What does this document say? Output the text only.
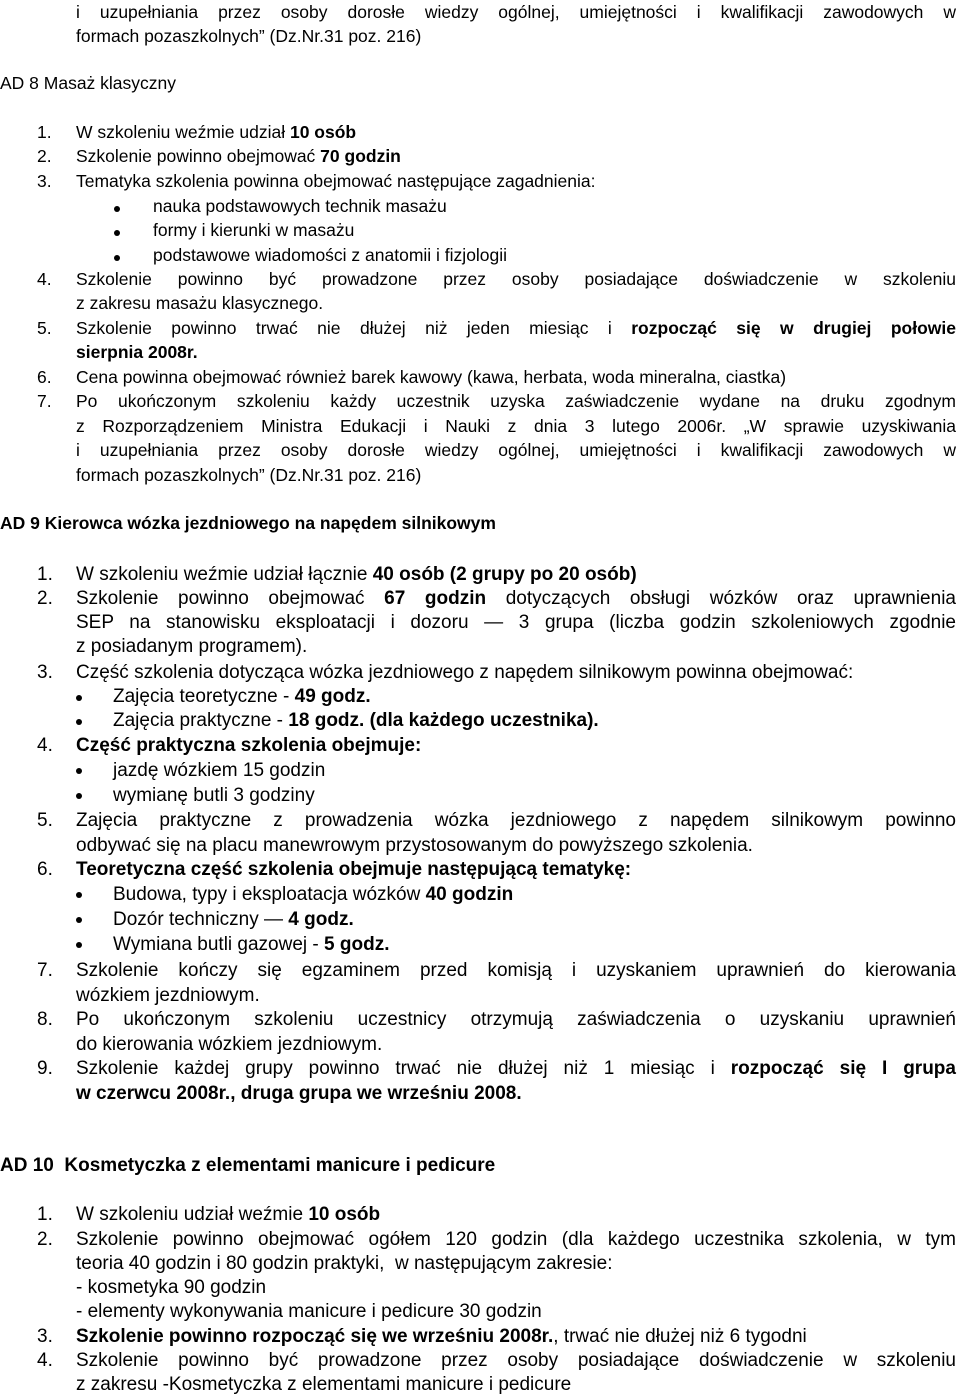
i uzupełniania przez osoby dorosłe wiedzy ogólnej, umiejętności i kwalifikacji zawodowych w
formach pozaszkolnych” (Dz.Nr.31 poz. 216)
AD 8 Masaż klasyczny
1. W szkoleniu weźmie udział 10 osób
2. Szkolenie powinno obejmować 70 godzin
3. Tematyka szkolenia powinna obejmować następujące zagadnienia:
nauka podstawowych technik masażu
formy i kierunki w masażu
podstawowe wiadomości z anatomii i fizjologii
4. Szkolenie powinno być prowadzone przez osoby posiadające doświadczenie w szkoleniu
z zakresu masażu klasycznego.
5. Szkolenie powinno trwać nie dłużej niż jeden miesiąc i rozpocząć się w drugiej połowie
sierpnia 2008r.
6. Cena powinna obejmować również barek kawowy (kawa, herbata, woda mineralna, ciastka)
7. Po ukończonym szkoleniu każdy uczestnik uzyska zaświadczenie wydane na druku zgodnym
z Rozporządzeniem Ministra Edukacji i Nauki z dnia 3 lutego 2006r. „W sprawie uzyskiwania
i uzupełniania przez osoby dorosłe wiedzy ogólnej, umiejętności i kwalifikacji zawodowych w
formach pozaszkolnych” (Dz.Nr.31 poz. 216)
AD 9 Kierowca wózka jezdniowego na napędem silnikowym
1. W szkoleniu weźmie udział łącznie 40 osób (2 grupy po 20 osób)
2. Szkolenie powinno obejmować 67 godzin dotyczących obsługi wózków oraz uprawnienia
SEP na stanowisku eksploatacji i dozoru — 3 grupa (liczba godzin szkoleniowych zgodnie
z posiadanym programem).
3. Część szkolenia dotycząca wózka jezdniowego z napędem silnikowym powinna obejmować:
Zajęcia teoretyczne - 49 godz.
Zajęcia praktyczne - 18 godz. (dla każdego uczestnika).
4. Część praktyczna szkolenia obejmuje:
jazdę wózkiem 15 godzin
wymianę butli 3 godziny
5. Zajęcia praktyczne z prowadzenia wózka jezdniowego z napędem silnikowym powinno
odbywać się na placu manewrowym przystosowanym do powyższego szkolenia.
6. Teoretyczna część szkolenia obejmuje następującą tematykę:
Budowa, typy i eksploatacja wózków 40 godzin
Dozór techniczny — 4 godz.
Wymiana butli gazowej - 5 godz.
7. Szkolenie kończy się egzaminem przed komisją i uzyskaniem uprawnień do kierowania
wózkiem jezdniowym.
8. Po ukończonym szkoleniu uczestnicy otrzymują zaświadczenia o uzyskaniu uprawnień
do kierowania wózkiem jezdniowym.
9. Szkolenie każdej grupy powinno trwać nie dłużej niż 1 miesiąc i rozpocząć się I grupa
w czerwcu 2008r., druga grupa we wrześniu 2008.
AD 10  Kosmetyczka z elementami manicure i pedicure
1. W szkoleniu udział weźmie 10 osób
2. Szkolenie powinno obejmować ogółem 120 godzin (dla każdego uczestnika szkolenia, w tym
teoria 40 godzin i 80 godzin praktyki,  w następującym zakresie:
- kosmetyka 90 godzin
- elementy wykonywania manicure i pedicure 30 godzin
3. Szkolenie powinno rozpocząć się we wrześniu 2008r., trwać nie dłużej niż 6 tygodni
4. Szkolenie powinno być prowadzone przez osoby posiadające doświadczenie w szkoleniu
z zakresu -Kosmetyczka z elementami manicure i pedicure
